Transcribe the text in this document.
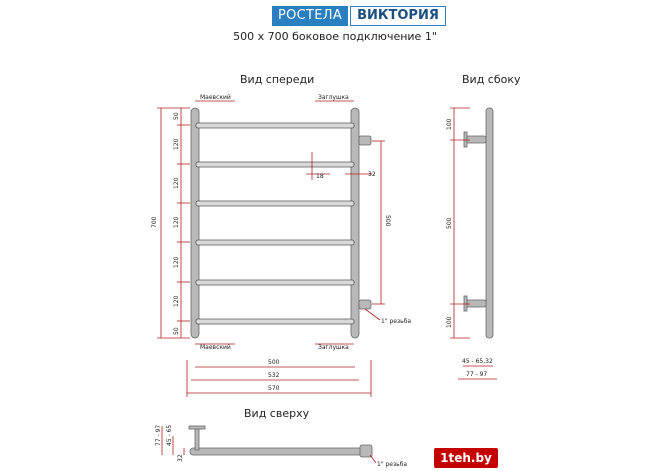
РОСТЕЛА	ВИКТОРИЯ
500 х 700 боковое подключение 1"
Вид спереди	Вид сбоку
Вид сверху
Маевский	Заглушка
Маевский	Заглушка
700
50
120
120
120
120
120
50
18	32
500
1" резьба
500
532
570
100
500
100
45 - 65,32
77 - 97
77 - 97 45 - 65
32
1" резьба	1teh.by
